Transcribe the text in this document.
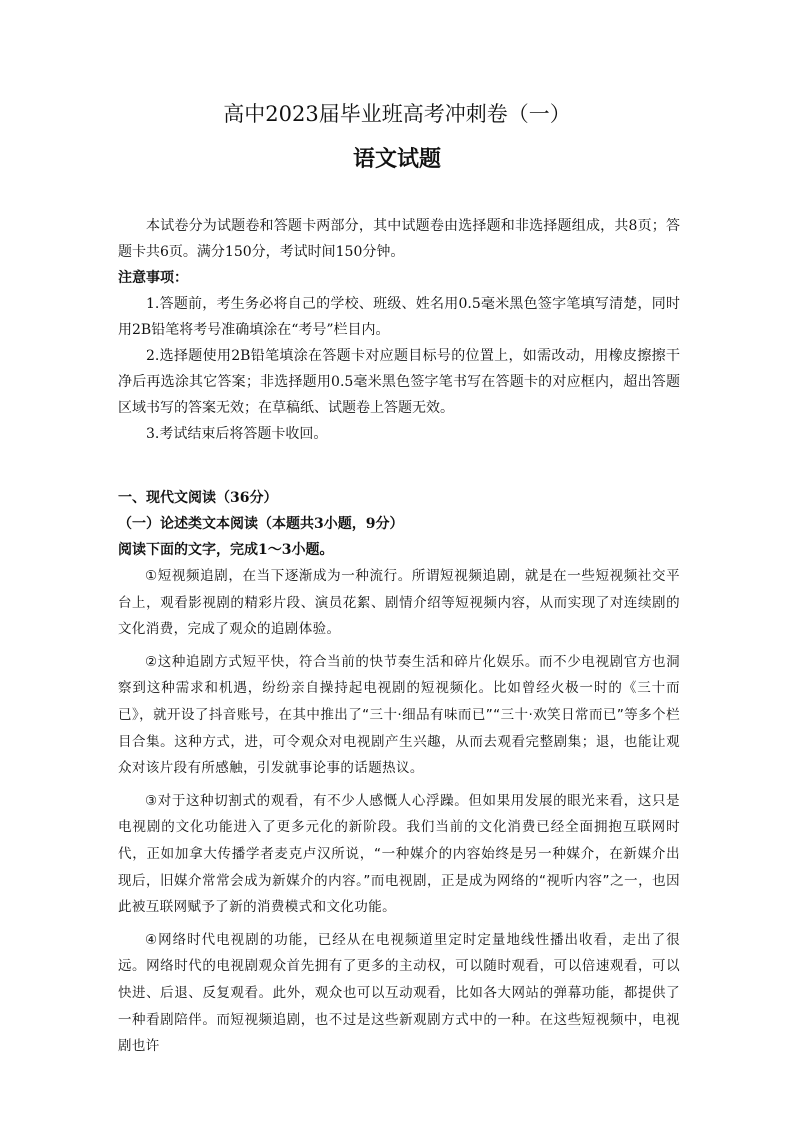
高中2023届毕业班高考冲刺卷（一）
语文试题

本试卷分为试题卷和答题卡两部分，其中试题卷由选择题和非选择题组成，共8页；答题卡共6页。满分150分，考试时间150分钟。

注意事项：

1.答题前，考生务必将自己的学校、班级、姓名用0.5毫米黑色签字笔填写清楚，同时用2B铅笔将考号准确填涂在“考号”栏目内。

2.选择题使用2B铅笔填涂在答题卡对应题目标号的位置上，如需改动，用橡皮擦擦干净后再选涂其它答案；非选择题用0.5毫米黑色签字笔书写在答题卡的对应框内，超出答题区域书写的答案无效；在草稿纸、试题卷上答题无效。

3.考试结束后将答题卡收回。

一、现代文阅读（36分）

（一）论述类文本阅读（本题共3小题，9分）

阅读下面的文字，完成1～3小题。

①短视频追剧，在当下逐渐成为一种流行。所谓短视频追剧，就是在一些短视频社交平台上，观看影视剧的精彩片段、演员花絮、剧情介绍等短视频内容，从而实现了对连续剧的文化消费，完成了观众的追剧体验。

②这种追剧方式短平快，符合当前的快节奏生活和碎片化娱乐。而不少电视剧官方也洞察到这种需求和机遇，纷纷亲自操持起电视剧的短视频化。比如曾经火极一时的《三十而已》，就开设了抖音账号，在其中推出了“三十·细品有味而已”“三十·欢笑日常而已”等多个栏目合集。这种方式，进，可令观众对电视剧产生兴趣，从而去观看完整剧集；退，也能让观众对该片段有所感触，引发就事论事的话题热议。

③对于这种切割式的观看，有不少人感慨人心浮躁。但如果用发展的眼光来看，这只是电视剧的文化功能进入了更多元化的新阶段。我们当前的文化消费已经全面拥抱互联网时代，正如加拿大传播学者麦克卢汉所说，“一种媒介的内容始终是另一种媒介，在新媒介出现后，旧媒介常常会成为新媒介的内容。”而电视剧，正是成为网络的“视听内容”之一，也因此被互联网赋予了新的消费模式和文化功能。

④网络时代电视剧的功能，已经从在电视频道里定时定量地线性播出收看，走出了很远。网络时代的电视剧观众首先拥有了更多的主动权，可以随时观看，可以倍速观看，可以快进、后退、反复观看。此外，观众也可以互动观看，比如各大网站的弹幕功能，都提供了一种看剧陪伴。而短视频追剧，也不过是这些新观剧方式中的一种。在这些短视频中，电视剧也许
